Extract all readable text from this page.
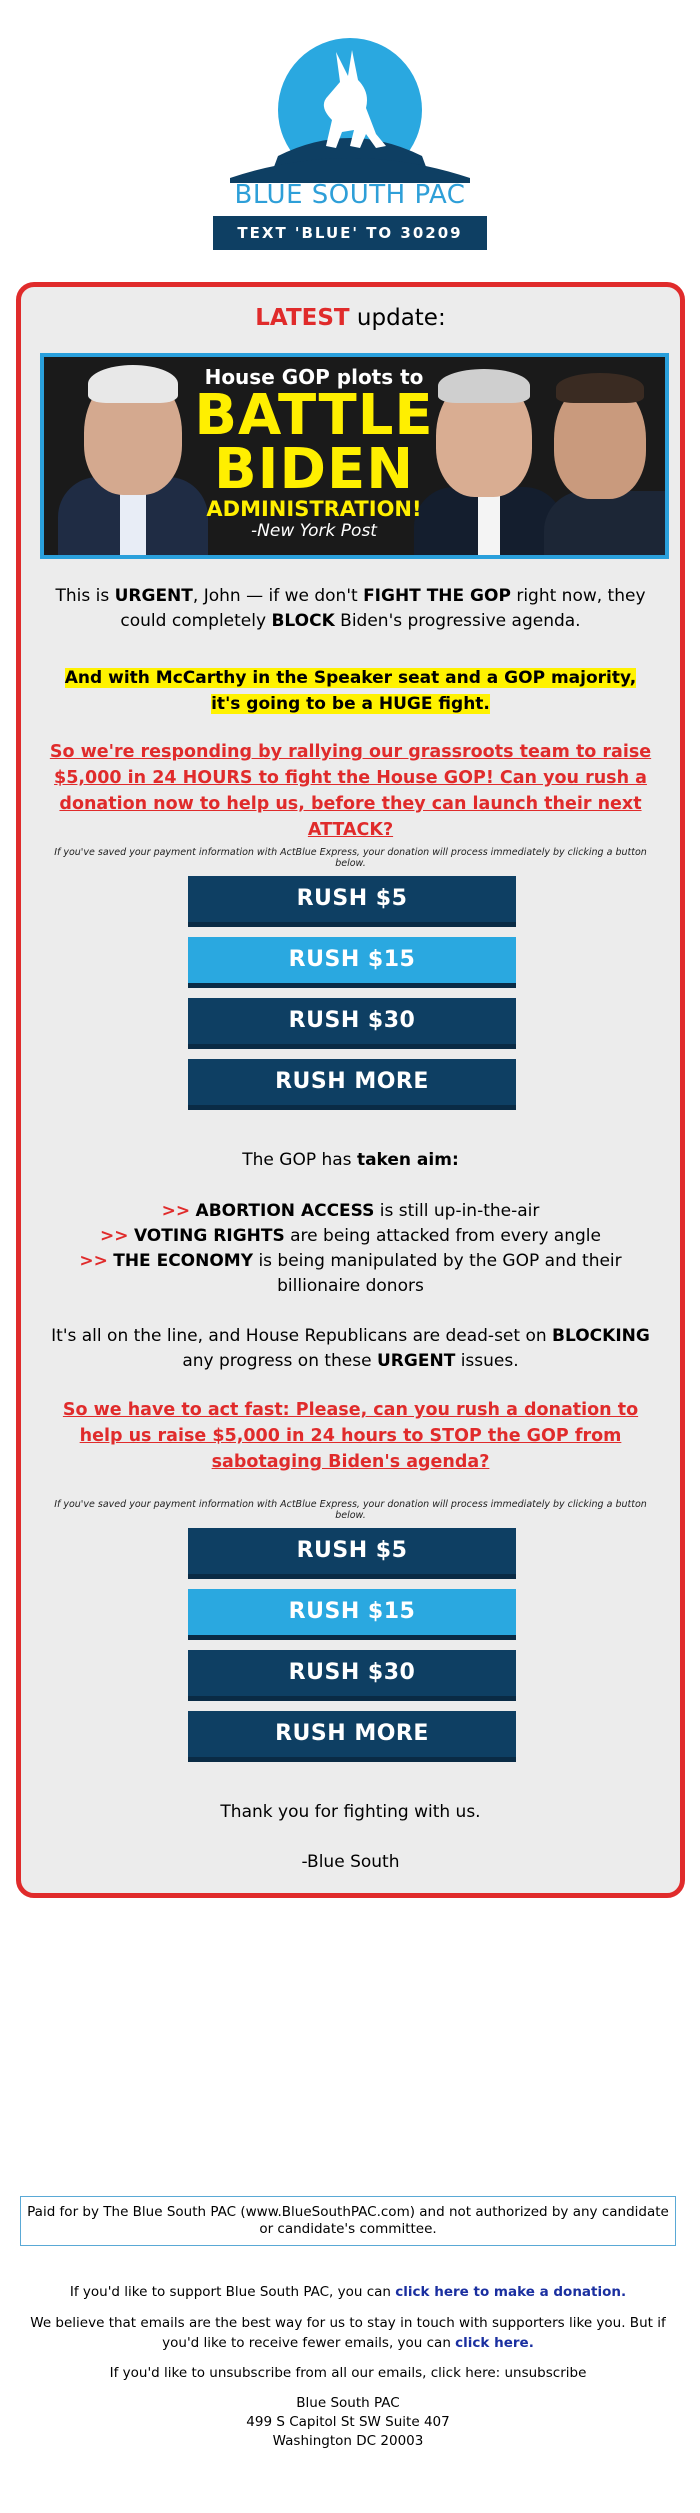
BLUE SOUTH PAC
TEXT 'BLUE' TO 30209
LATEST update:
House GOP plots to
BATTLE
BIDEN
ADMINISTRATION!
-New York Post
This is URGENT, John — if we don't FIGHT THE GOP right now, they could completely BLOCK Biden's progressive agenda.
And with McCarthy in the Speaker seat and a GOP majority, it's going to be a HUGE fight.
So we're responding by rallying our grassroots team to raise $5,000 in 24 HOURS to fight the House GOP! Can you rush a donation now to help us, before they can launch their next ATTACK?
If you've saved your payment information with ActBlue Express, your donation will process immediately by clicking a button below.
RUSH $5
RUSH $15
RUSH $30
RUSH MORE
The GOP has taken aim:
>> ABORTION ACCESS is still up-in-the-air
>> VOTING RIGHTS are being attacked from every angle
>> THE ECONOMY is being manipulated by the GOP and their billionaire donors
It's all on the line, and House Republicans are dead-set on BLOCKING any progress on these URGENT issues.
So we have to act fast: Please, can you rush a donation to help us raise $5,000 in 24 hours to STOP the GOP from sabotaging Biden's agenda?
If you've saved your payment information with ActBlue Express, your donation will process immediately by clicking a button below.
RUSH $5
RUSH $15
RUSH $30
RUSH MORE
Thank you for fighting with us.
-Blue South
Paid for by The Blue South PAC (www.BlueSouthPAC.com) and not authorized by any candidate or candidate's committee.
If you'd like to support Blue South PAC, you can click here to make a donation.
We believe that emails are the best way for us to stay in touch with supporters like you. But if you'd like to receive fewer emails, you can click here.
If you'd like to unsubscribe from all our emails, click here: unsubscribe
Blue South PAC
499 S Capitol St SW Suite 407
Washington DC 20003
